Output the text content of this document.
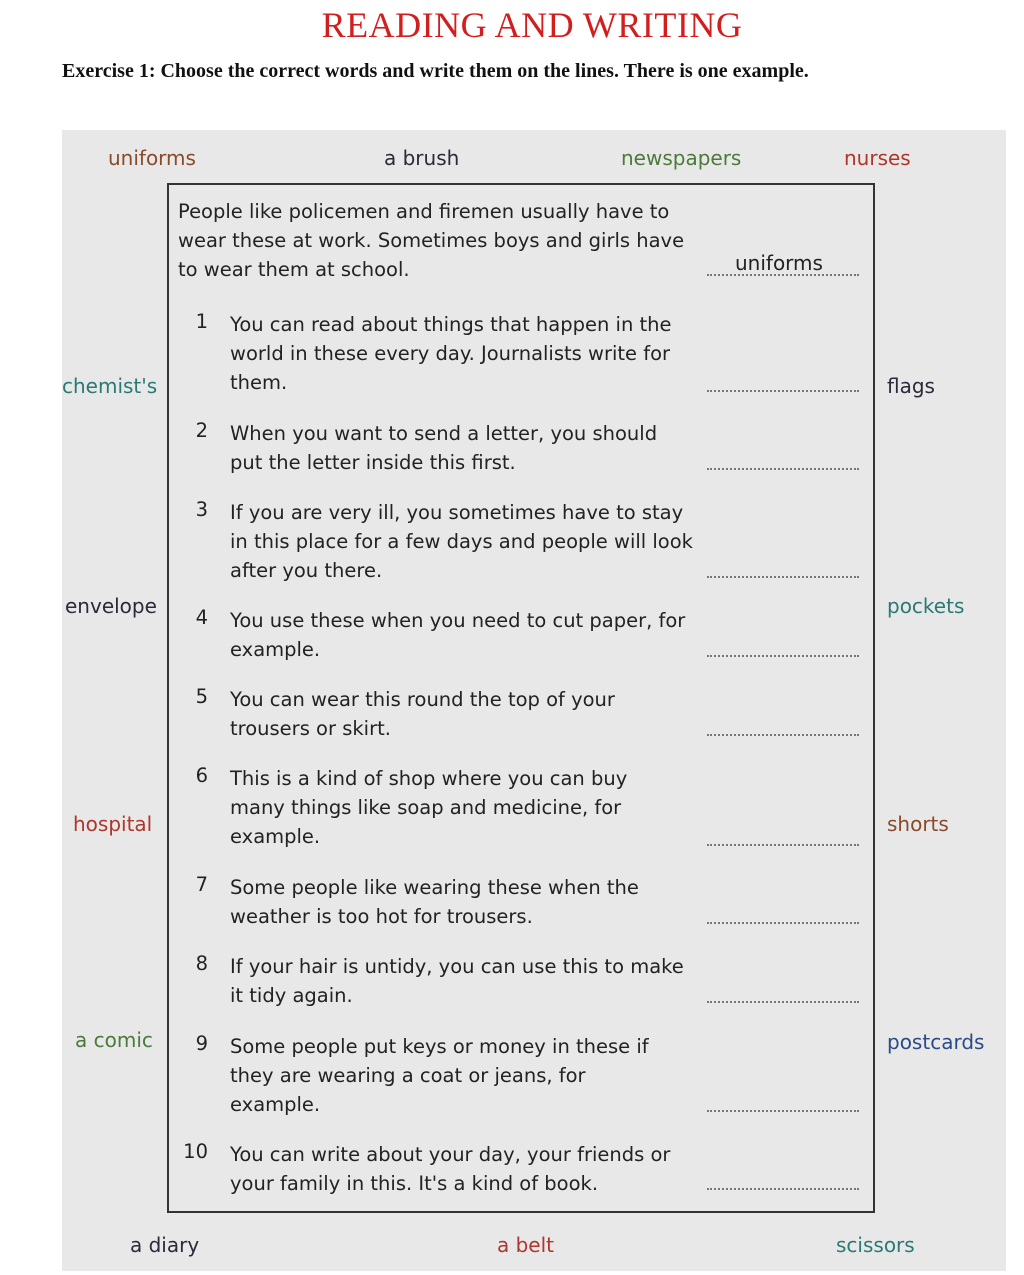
READING AND WRITING
Exercise 1: Choose the correct words and write them on the lines. There is one example.
uniforms	a brush	newspapers	nurses
chemist's	flags
envelope	pockets
hospital	shorts
a comic	postcards
a diary	a belt	scissors
People like policemen and firemen usually have to wear these at work. Sometimes boys and girls have to wear them at school.	uniforms
1 You can read about things that happen in the world in these every day. Journalists write for them.
2 When you want to send a letter, you should put the letter inside this first.
3 If you are very ill, you sometimes have to stay in this place for a few days and people will look after you there.
4 You use these when you need to cut paper, for example.
5 You can wear this round the top of your trousers or skirt.
6 This is a kind of shop where you can buy many things like soap and medicine, for example.
7 Some people like wearing these when the weather is too hot for trousers.
8 If your hair is untidy, you can use this to make it tidy again.
9 Some people put keys or money in these if they are wearing a coat or jeans, for example.
10 You can write about your day, your friends or your family in this. It's a kind of book.
